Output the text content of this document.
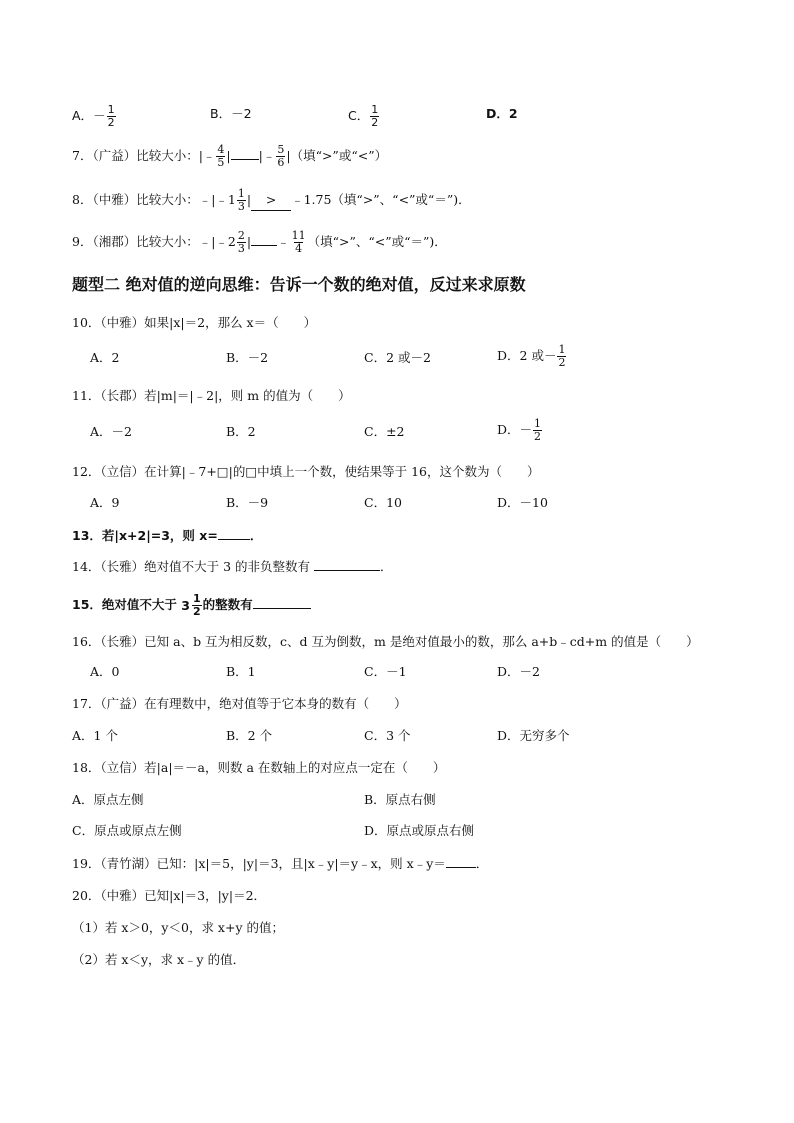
A．－ $\frac{1}{2}$	B．－2	C． $\frac{1}{2}$	D．2
7．（广益）比较大小：|﹣ $\frac{4}{5}$ | |﹣ $\frac{5}{6}$ |（填“>”或“<”）
8．（中雅）比较大小：﹣|﹣1 $\frac{1}{3}$ | > ﹣1.75（填“>”、“<”或“＝”)．
9．（湘郡）比较大小：﹣|﹣2 $\frac{2}{3}$ | ﹣ $\frac{11}{4}$ （填“>”、“<”或“＝”)．
题型二 绝对值的逆向思维：告诉一个数的绝对值，反过来求原数
10．（中雅）如果|x|＝2，那么 x＝（　　）
A．2	B．－2	C．2 或－2	D．2 或－ $\frac{1}{2}$
11．（长郡）若|m|＝|﹣2|，则 m 的值为（　　）
A．－2	B．2	C．±2	D．－ $\frac{1}{2}$
12．（立信）在计算|﹣7+□|的□中填上一个数，使结果等于 16，这个数为（　　）
A．9	B．－9	C．10	D．－10
13．若|x+2|=3，则 x=	．
14．（长雅）绝对值不大于 3 的非负整数有	．
15．绝对值不大于 $3 \frac{1}{2}$ 的整数有
16．（长雅）已知 a、b 互为相反数，c、d 互为倒数，m 是绝对值最小的数，那么 a+b﹣cd+m 的值是（　　）
A．0	B．1	C．－1	D．－2
17．（广益）在有理数中，绝对值等于它本身的数有（　　）
A．1 个	B．2 个	C．3 个	D．无穷多个
18．（立信）若|a|＝－a，则数 a 在数轴上的对应点一定在（　　）
A．原点左侧	B．原点右侧
C．原点或原点左侧	D．原点或原点右侧
19．（青竹湖）已知：|x|＝5，|y|＝3，且|x﹣y|＝y﹣x，则 x﹣y＝ ．
20．（中雅）已知|x|＝3，|y|＝2．
（1）若 x＞0，y＜0，求 x+y 的值；
（2）若 x＜y，求 x﹣y 的值．
